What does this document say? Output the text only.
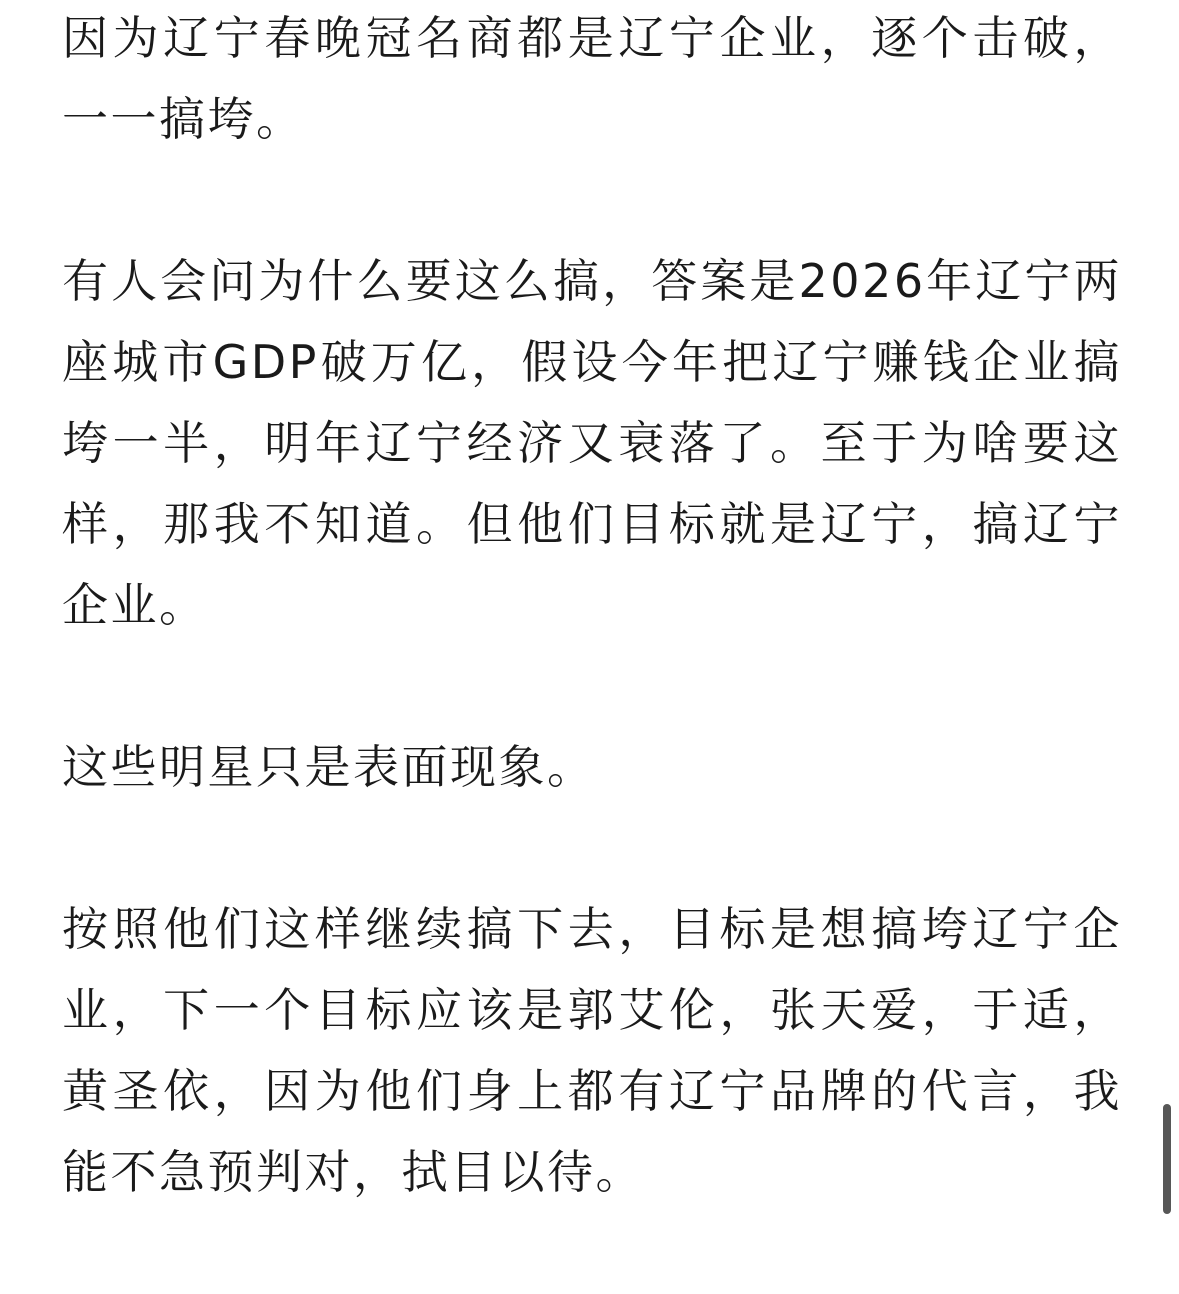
因为辽宁春晚冠名商都是辽宁企业，逐个击破，一一搞垮。

有人会问为什么要这么搞，答案是2026年辽宁两座城市GDP破万亿，假设今年把辽宁赚钱企业搞垮一半，明年辽宁经济又衰落了。至于为啥要这样，那我不知道。但他们目标就是辽宁，搞辽宁企业。

这些明星只是表面现象。

按照他们这样继续搞下去，目标是想搞垮辽宁企业，下一个目标应该是郭艾伦，张天爱，于适，黄圣依，因为他们身上都有辽宁品牌的代言，我能不急预判对，拭目以待。
